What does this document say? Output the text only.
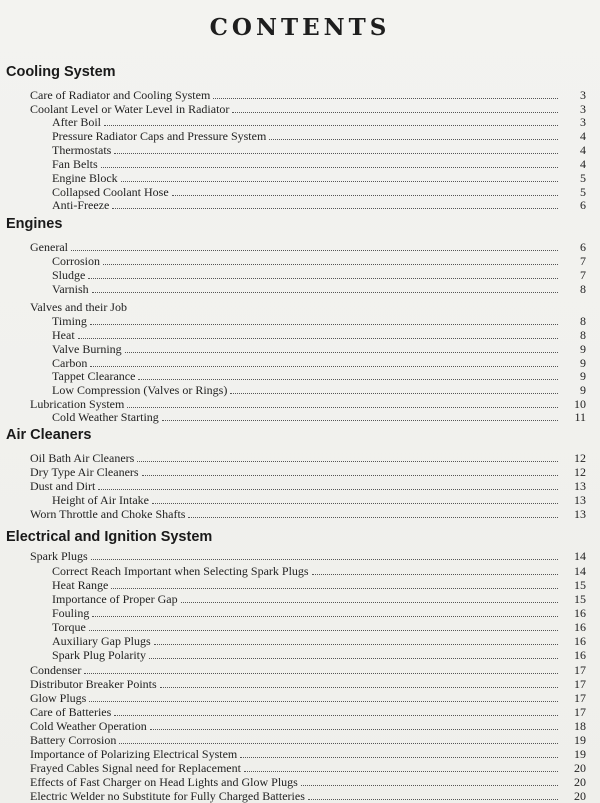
CONTENTS
Cooling System
Care of Radiator and Cooling System	3
Coolant Level or Water Level in Radiator	3
After Boil	3
Pressure Radiator Caps and Pressure System	4
Thermostats	4
Fan Belts	4
Engine Block	5
Collapsed Coolant Hose	5
Anti-Freeze	6
Engines
General	6
Corrosion	7
Sludge	7
Varnish	8
Valves and their Job
Timing	8
Heat	8
Valve Burning	9
Carbon	9
Tappet Clearance	9
Low Compression (Valves or Rings)	9
Lubrication System	10
Cold Weather Starting	11
Air Cleaners
Oil Bath Air Cleaners	12
Dry Type Air Cleaners	12
Dust and Dirt	13
Height of Air Intake	13
Worn Throttle and Choke Shafts	13
Electrical and Ignition System
Spark Plugs	14
Correct Reach Important when Selecting Spark Plugs	14
Heat Range	15
Importance of Proper Gap	15
Fouling	16
Torque	16
Auxiliary Gap Plugs	16
Spark Plug Polarity	16
Condenser	17
Distributor Breaker Points	17
Glow Plugs	17
Care of Batteries	17
Cold Weather Operation	18
Battery Corrosion	19
Importance of Polarizing Electrical System	19
Frayed Cables Signal need for Replacement	20
Effects of Fast Charger on Head Lights and Glow Plugs	20
Electric Welder no Substitute for Fully Charged Batteries	20
